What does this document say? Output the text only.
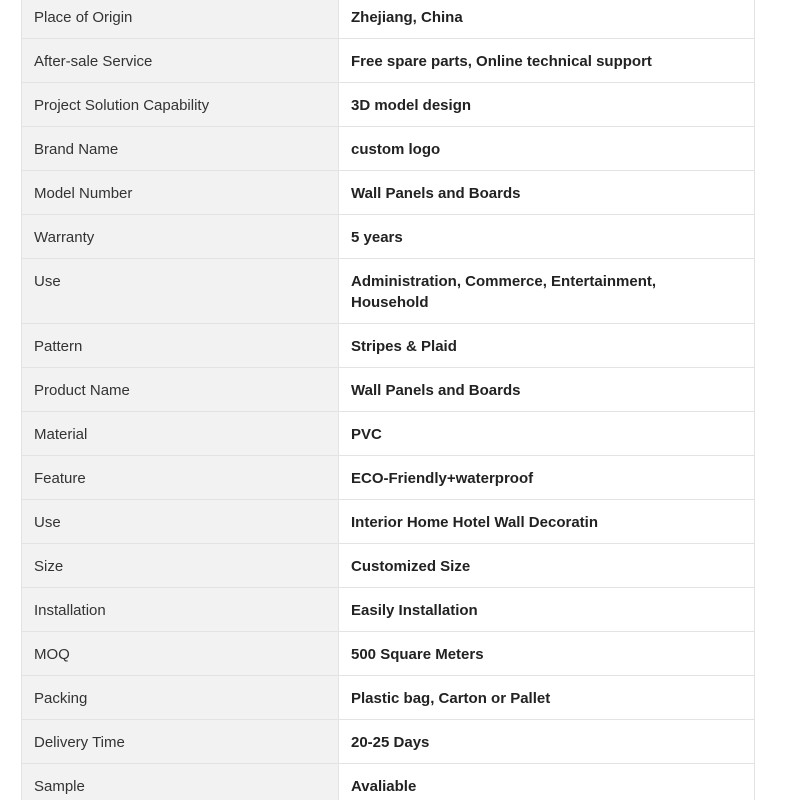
Place of Origin	Zhejiang, China
After-sale Service	Free spare parts, Online technical support
Project Solution Capability	3D model design
Brand Name	custom logo
Model Number	Wall Panels and Boards
Warranty	5 years
Use	Administration, Commerce, Entertainment, Household
Pattern	Stripes & Plaid
Product Name	Wall Panels and Boards
Material	PVC
Feature	ECO-Friendly+waterproof
Use	Interior Home Hotel Wall Decoratin
Size	Customized Size
Installation	Easily Installation
MOQ	500 Square Meters
Packing	Plastic bag, Carton or Pallet
Delivery Time	20-25 Days
Sample	Avaliable
